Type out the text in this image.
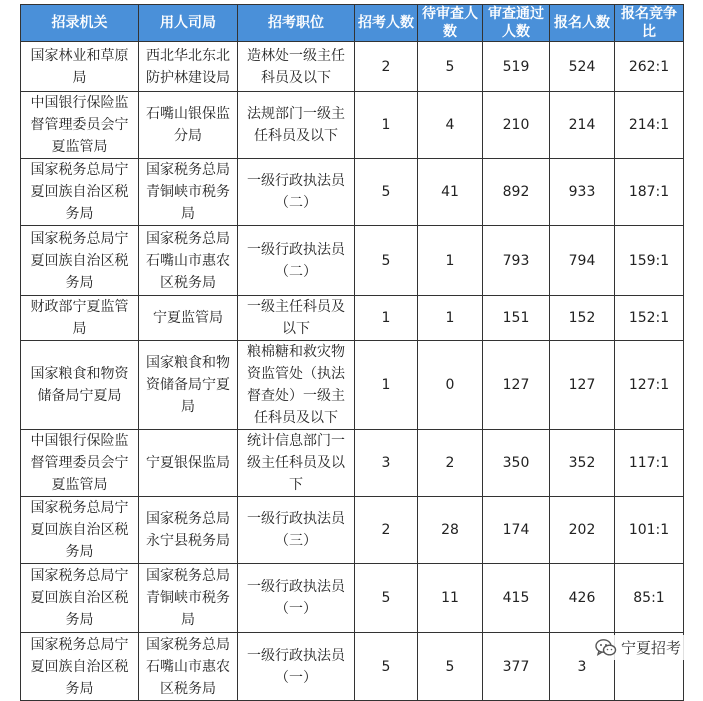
招录机关	用人司局	招考职位	招考人数	待审查人数	审查通过人数	报名人数	报名竞争比
国家林业和草原局	西北华北东北防护林建设局	造林处一级主任科员及以下	2	5	519	524	262:1
中国银行保险监督管理委员会宁夏监管局	石嘴山银保监分局	法规部门一级主任科员及以下	1	4	210	214	214:1
国家税务总局宁夏回族自治区税务局	国家税务总局青铜峡市税务局	一级行政执法员（二）	5	41	892	933	187:1
国家税务总局宁夏回族自治区税务局	国家税务总局石嘴山市惠农区税务局	一级行政执法员（二）	5	1	793	794	159:1
财政部宁夏监管局	宁夏监管局	一级主任科员及以下	1	1	151	152	152:1
国家粮食和物资储备局宁夏局	国家粮食和物资储备局宁夏局	粮棉糖和救灾物资监管处（执法督查处）一级主任科员及以下	1	0	127	127	127:1
中国银行保险监督管理委员会宁夏监管局	宁夏银保监局	统计信息部门一级主任科员及以下	3	2	350	352	117:1
国家税务总局宁夏回族自治区税务局	国家税务总局永宁县税务局	一级行政执法员（三）	2	28	174	202	101:1
国家税务总局宁夏回族自治区税务局	国家税务总局青铜峡市税务局	一级行政执法员（一）	5	11	415	426	85:1
国家税务总局宁夏回族自治区税务局	国家税务总局石嘴山市惠农区税务局	一级行政执法员（一）	5	5	377	3	
宁夏招考
